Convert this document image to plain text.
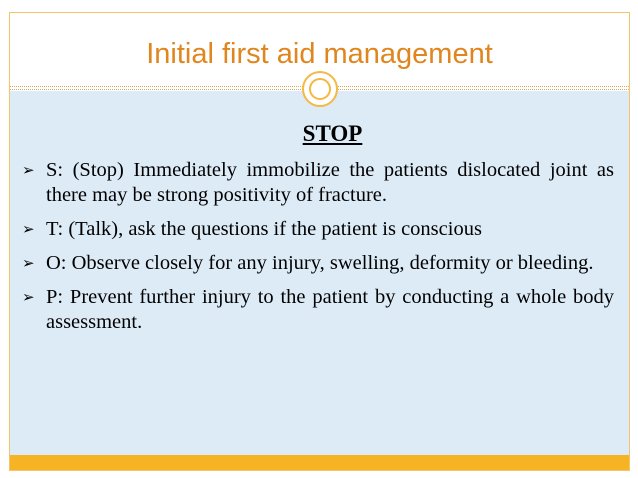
Initial first aid management
STOP
➢ S: (Stop) Immediately immobilize the patients dislocated joint as there may be strong positivity of fracture.
➢ T: (Talk), ask the questions if the patient is conscious
➢ O: Observe closely for any injury, swelling, deformity or bleeding.
➢ P: Prevent further injury to the patient by conducting a whole body assessment.
